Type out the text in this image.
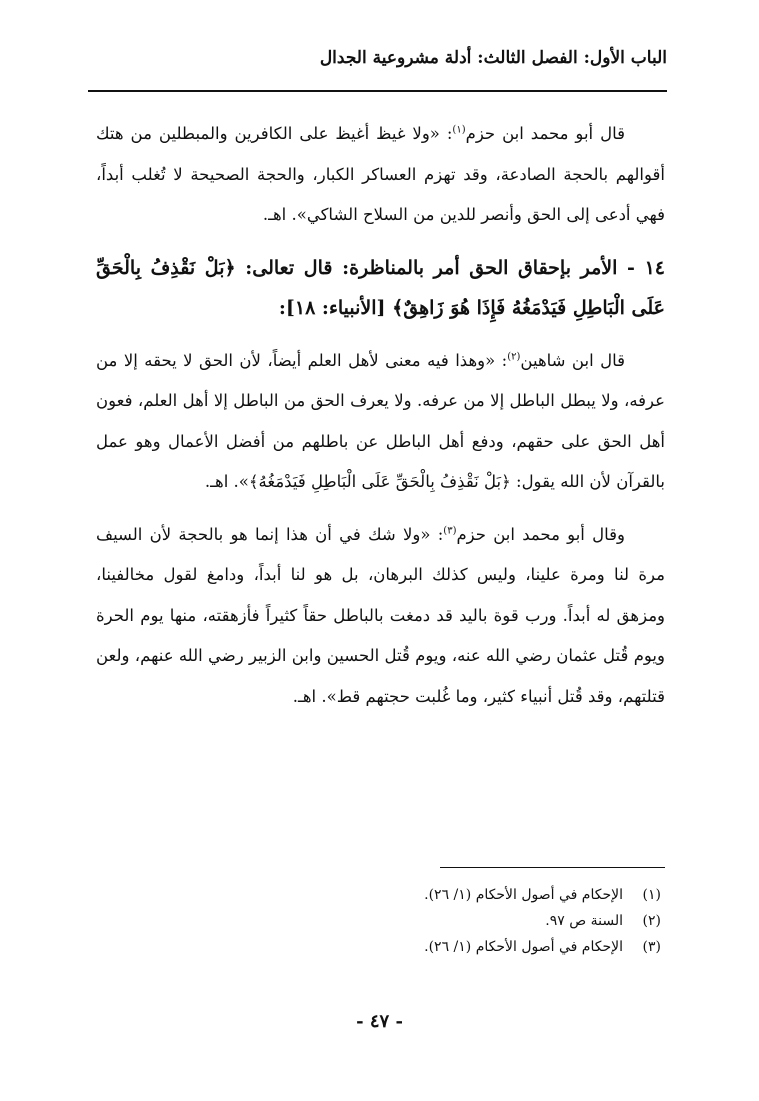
الباب الأول: الفصل الثالث: أدلة مشروعية الجدال

قال أبو محمد ابن حزم$^{(١)}$: «ولا غيظ أغيظ على الكافرين والمبطلين من هتك أقوالهم بالحجة الصادعة، وقد تهزم العساكر الكبار، والحجة الصحيحة لا تُغلب أبداً، فهي أدعى إلى الحق وأنصر للدين من السلاح الشاكي». اهـ.

١٤ - الأمر بإحقاق الحق أمر بالمناظرة: قال تعالى: ﴿بَلْ نَقْذِفُ بِالْحَقِّ عَلَى الْبَاطِلِ فَيَدْمَغُهُ فَإِذَا هُوَ زَاهِقٌ﴾ [الأنبياء: ١٨]:

قال ابن شاهين$^{(٢)}$: «وهذا فيه معنى لأهل العلم أيضاً، لأن الحق لا يحقه إلا من عرفه، ولا يبطل الباطل إلا من عرفه. ولا يعرف الحق من الباطل إلا أهل العلم، فعون أهل الحق على حقهم، ودفع أهل الباطل عن باطلهم من أفضل الأعمال وهو عمل بالقرآن لأن الله يقول: ﴿بَلْ نَقْذِفُ بِالْحَقِّ عَلَى الْبَاطِلِ فَيَدْمَغُهُ﴾». اهـ.

وقال أبو محمد ابن حزم$^{(٣)}$: «ولا شك في أن هذا إنما هو بالحجة لأن السيف مرة لنا ومرة علينا، وليس كذلك البرهان، بل هو لنا أبداً، ودامغ لقول مخالفينا، ومزهق له أبداً. ورب قوة باليد قد دمغت بالباطل حقاً كثيراً فأزهقته، منها يوم الحرة ويوم قُتل عثمان رضي الله عنه، ويوم قُتل الحسين وابن الزبير رضي الله عنهم، ولعن قتلتهم، وقد قُتل أنبياء كثير، وما غُلبت حجتهم قط». اهـ.

(١)الإحكام في أصول الأحكام (١/ ٢٦).
(٢)السنة ص ٩٧.
(٣)الإحكام في أصول الأحكام (١/ ٢٦).
- ٤٧ -
